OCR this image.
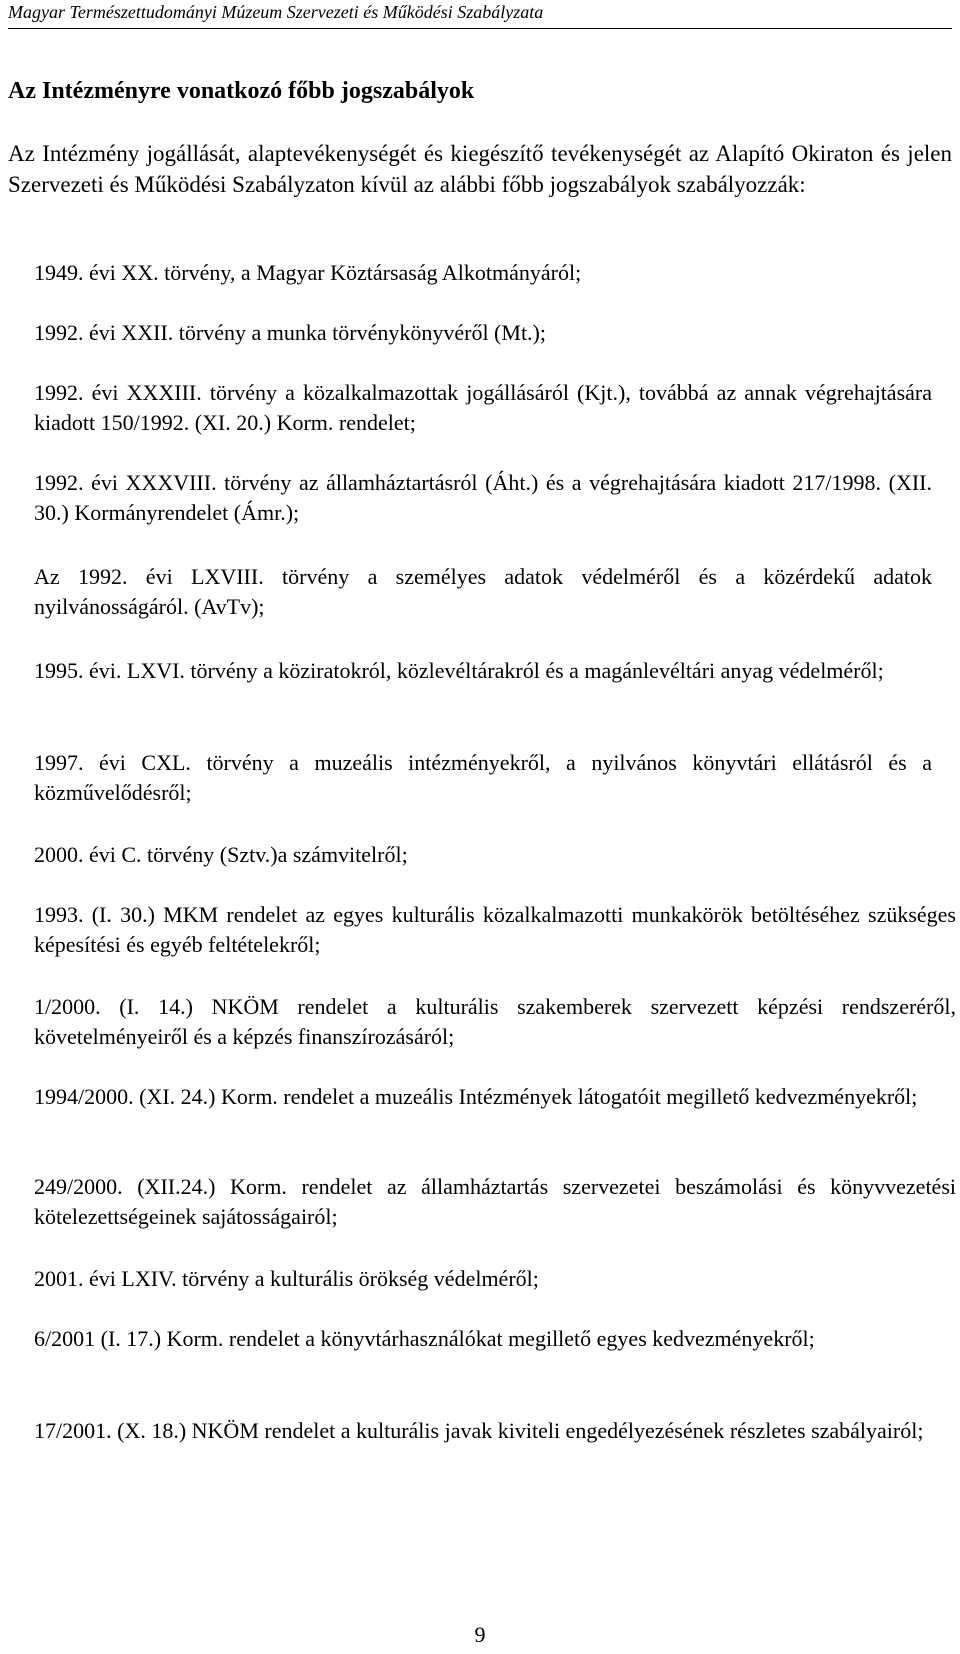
Magyar Természettudományi Múzeum Szervezeti és Működési Szabályzata
Az Intézményre vonatkozó főbb jogszabályok

Az Intézmény jogállását, alaptevékenységét és kiegészítő tevékenységét az Alapító Okiraton és jelen Szervezeti és Működési Szabályzaton kívül az alábbi főbb jogszabályok szabályozzák:

1949. évi XX. törvény, a Magyar Köztársaság Alkotmányáról;

1992. évi XXII. törvény a munka törvénykönyvéről (Mt.);

1992. évi XXXIII. törvény a közalkalmazottak jogállásáról (Kjt.), továbbá az annak végrehajtására kiadott 150/1992. (XI. 20.) Korm. rendelet;

1992. évi XXXVIII. törvény az államháztartásról (Áht.) és a végrehajtására kiadott 217/1998. (XII. 30.) Kormányrendelet (Ámr.);

Az 1992. évi LXVIII. törvény a személyes adatok védelméről és a közérdekű adatok nyilvánosságáról. (AvTv);

1995. évi. LXVI. törvény a köziratokról, közlevéltárakról és a magánlevéltári anyag védelméről;

1997. évi CXL. törvény a muzeális intézményekről, a nyilvános könyvtári ellátásról és a közművelődésről;

2000. évi C. törvény (Sztv.)a számvitelről;

1993. (I. 30.) MKM rendelet az egyes kulturális közalkalmazotti munkakörök betöltéséhez szükséges képesítési és egyéb feltételekről;

1/2000. (I. 14.) NKÖM rendelet a kulturális szakemberek szervezett képzési rendszeréről, követelményeiről és a képzés finanszírozásáról;

1994/2000. (XI. 24.) Korm. rendelet a muzeális Intézmények látogatóit megillető kedvezményekről;

249/2000. (XII.24.) Korm. rendelet az államháztartás szervezetei beszámolási és könyvvezetési kötelezettségeinek sajátosságairól;

2001. évi LXIV. törvény a kulturális örökség védelméről;

6/2001 (I. 17.) Korm. rendelet a könyvtárhasználókat megillető egyes kedvezményekről;

17/2001. (X. 18.) NKÖM rendelet a kulturális javak kiviteli engedélyezésének részletes szabályairól;

9
